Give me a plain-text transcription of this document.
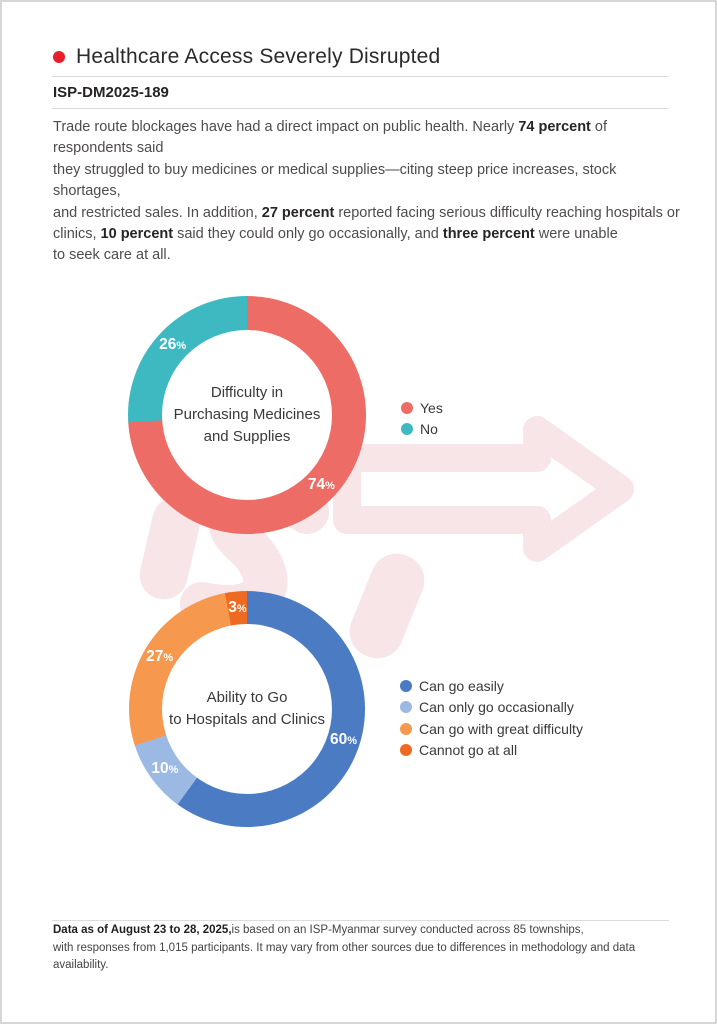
Healthcare Access Severely Disrupted
ISP-DM2025-189

Trade route blockages have had a direct impact on public health. Nearly 74 percent of respondents said
they struggled to buy medicines or medical supplies—citing steep price increases, stock shortages,
and restricted sales. In addition, 27 percent reported facing serious difficulty reaching hospitals or
clinics, 10 percent said they could only go occasionally, and three percent were unable
to seek care at all.

Difficulty in
Purchasing Medicines
and Supplies
74%
26%
Yes
No
Ability to Go
to Hospitals and Clinics
60%
10%
27%
3%
Can go easily
Can only go occasionally
Can go with great difficulty
Cannot go at all

Data as of August 23 to 28, 2025,is based on an ISP-Myanmar survey conducted across 85 townships,
with responses from 1,015 participants. It may vary from other sources due to differences in methodology and data availability.
